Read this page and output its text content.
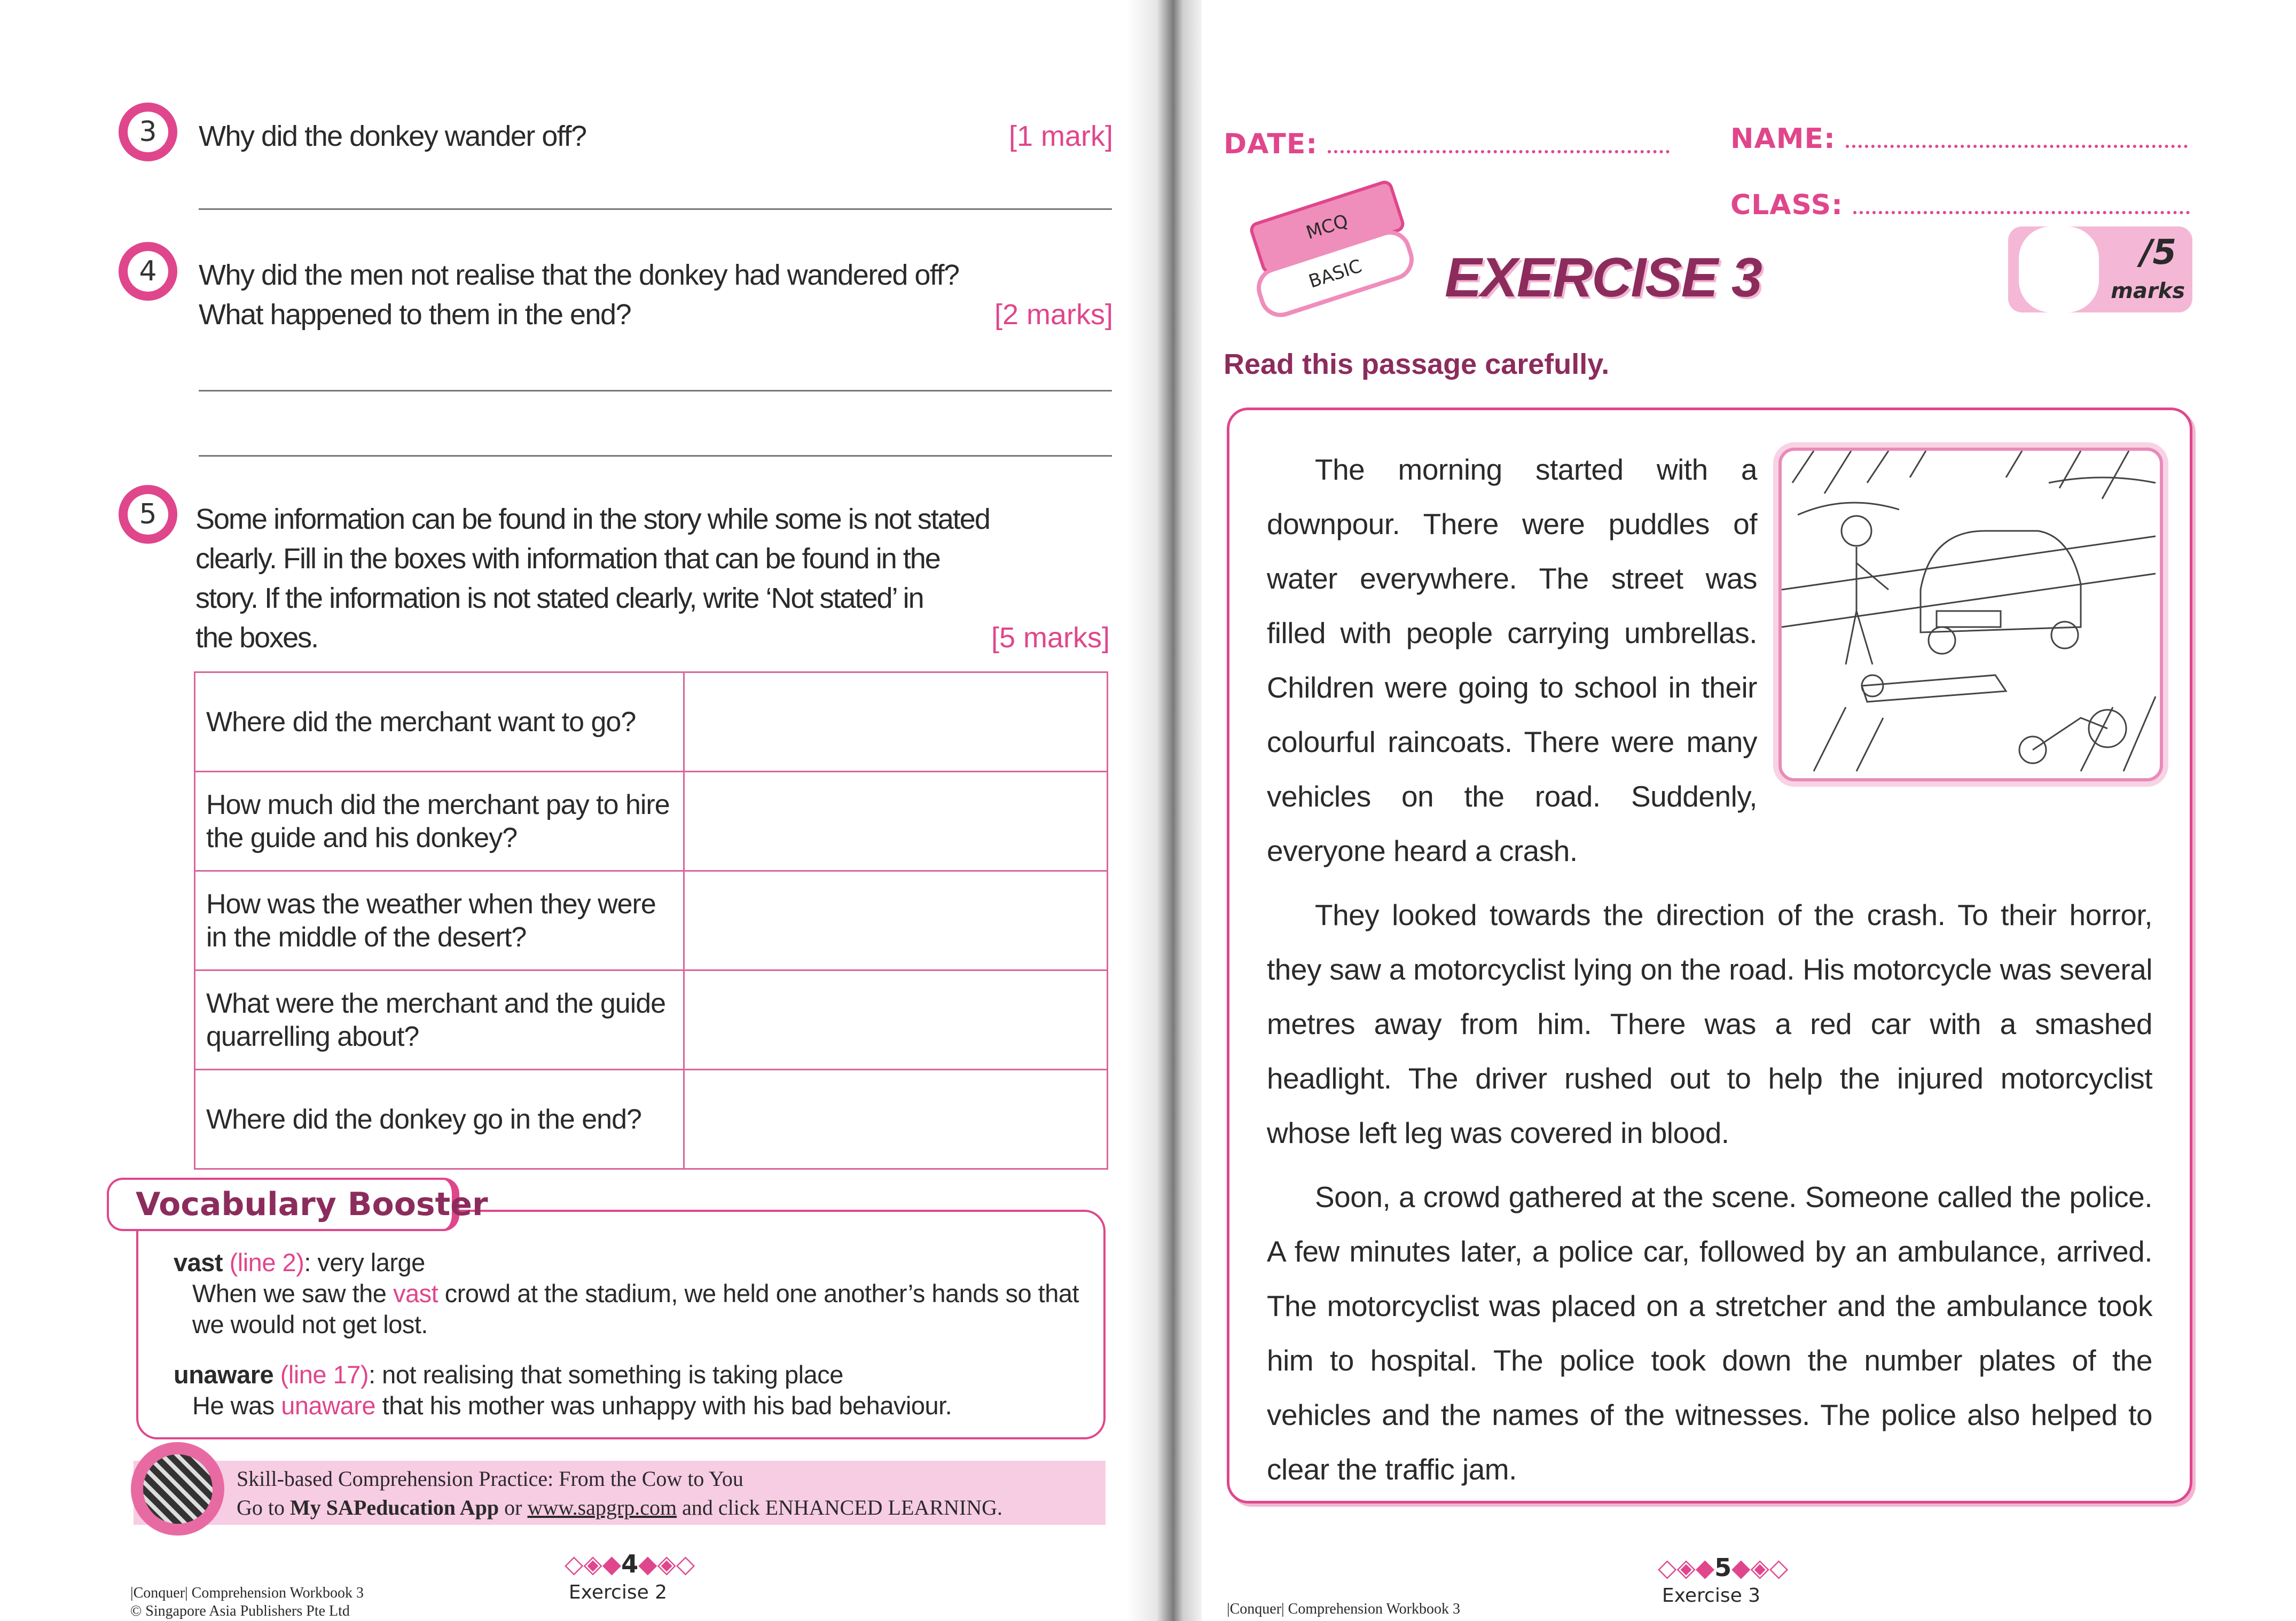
3	Why did the donkey wander off?	[1 mark]
4	Why did the men not realise that the donkey had wandered off?
What happened to them in the end?	[2 marks]
5	Some information can be found in the story while some is not stated
clearly. Fill in the boxes with information that can be found in the
story. If the information is not stated clearly, write ‘Not stated’ in
the boxes.	[5 marks]
Where did the merchant want to go?	
How much did the merchant pay to hire the guide and his donkey?	
How was the weather when they were in the middle of the desert?	
What were the merchant and the guide quarrelling about?	
Where did the donkey go in the end?	
Vocabulary Booster
vast (line 2): very large
When we saw the vast crowd at the stadium, we held one another’s hands so that we would not get lost.
unaware (line 17): not realising that something is taking place
He was unaware that his mother was unhappy with his bad behaviour.
Skill-based Comprehension Practice: From the Cow to You
Go to My SAPeducation App or www.sapgrp.com and click ENHANCED LEARNING.
◇◈◆4◆◈◇
Exercise 2
|Conquer| Comprehension Workbook 3
© Singapore Asia Publishers Pte Ltd
DATE:	NAME:
CLASS:
MCQ
BASIC	EXERCISE 3	/5
marks
Read this passage carefully.

The morning started with a downpour. There were puddles of water everywhere. The street was filled with people carrying umbrellas. Children were going to school in their colourful raincoats. There were many vehicles on the road. Suddenly, everyone heard a crash.

They looked towards the direction of the crash. To their horror, they saw a motorcyclist lying on the road. His motorcycle was several metres away from him. There was a red car with a smashed headlight. The driver rushed out to help the injured motorcyclist whose left leg was covered in blood.

Soon, a crowd gathered at the scene. Someone called the police. A few minutes later, a police car, followed by an ambulance, arrived. The motorcyclist was placed on a stretcher and the ambulance took him to hospital. The police took down the number plates of the vehicles and the names of the witnesses. The police also helped to clear the traffic jam.

◇◈◆5◆◈◇
Exercise 3
|Conquer| Comprehension Workbook 3
